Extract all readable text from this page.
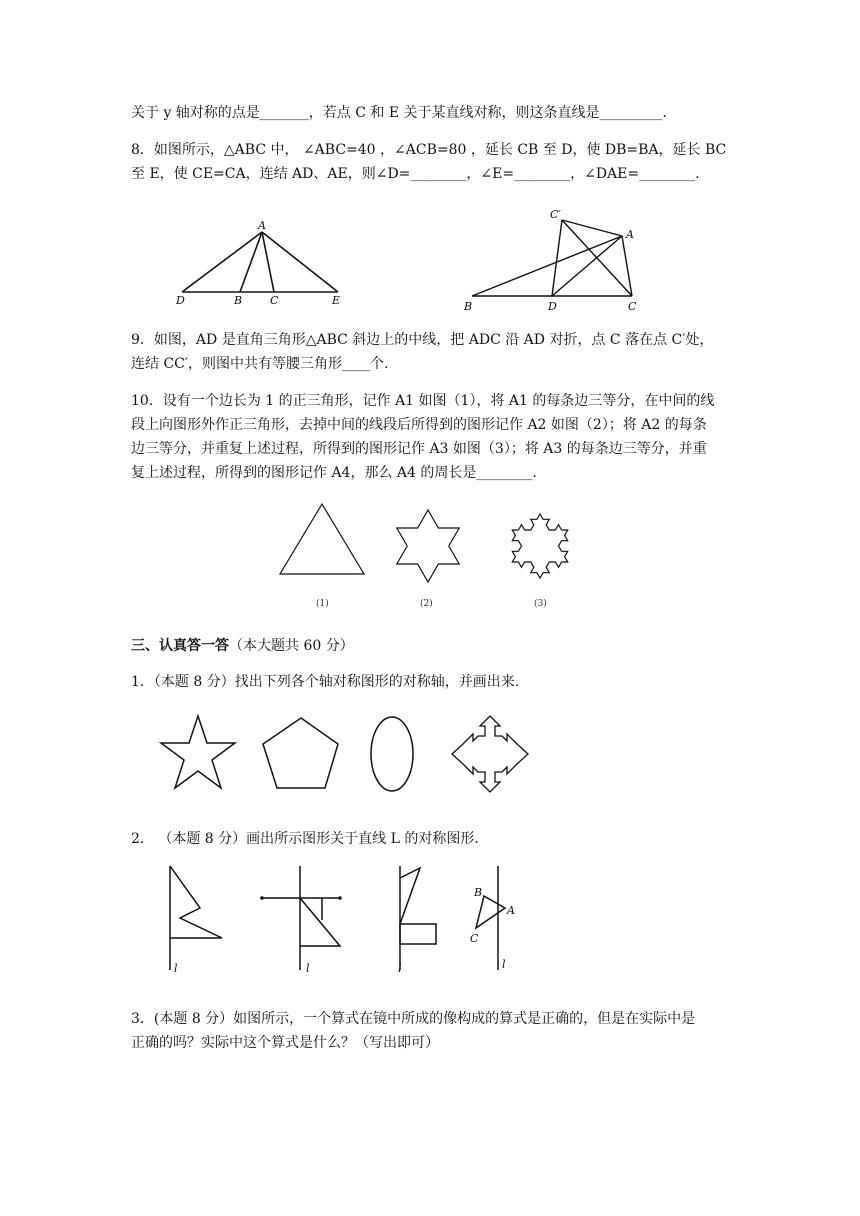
关于 y 轴对称的点是_______，若点 C 和 E 关于某直线对称，则这条直线是_________.
8．如图所示，△ABC 中， ∠ABC=40 ，∠ACB=80 ，延长 CB 至 D，使 DB=BA，延长 BC
至 E，使 CE=CA，连结 AD、AE，则∠D=________，∠E=________，∠DAE=________.
A
D	B	C	E
C′
A
B	D	C
9．如图，AD 是直角三角形△ABC 斜边上的中线，把 ADC 沿 AD 对折，点 C 落在点 C′处，
连结 CC′，则图中共有等腰三角形____个.
10．设有一个边长为 1 的正三角形，记作 A1 如图（1），将 A1 的每条边三等分，在中间的线
段上向图形外作正三角形，去掉中间的线段后所得到的图形记作 A2 如图（2）；将 A2 的每条
边三等分，并重复上述过程，所得到的图形记作 A3 如图（3）；将 A3 的每条边三等分，并重
复上述过程，所得到的图形记作 A4，那么 A4 的周长是________.
(1)	(2)	(3)
三、认真答一答（本大题共 60 分）
1．（本题 8 分）找出下列各个轴对称图形的对称轴，并画出来.
2． （本题 8 分）画出所示图形关于直线 L 的对称图形.
l	l	l	l
B
A
C
3．(本题 8 分）如图所示，一个算式在镜中所成的像构成的算式是正确的，但是在实际中是
正确的吗？实际中这个算式是什么？（写出即可）
